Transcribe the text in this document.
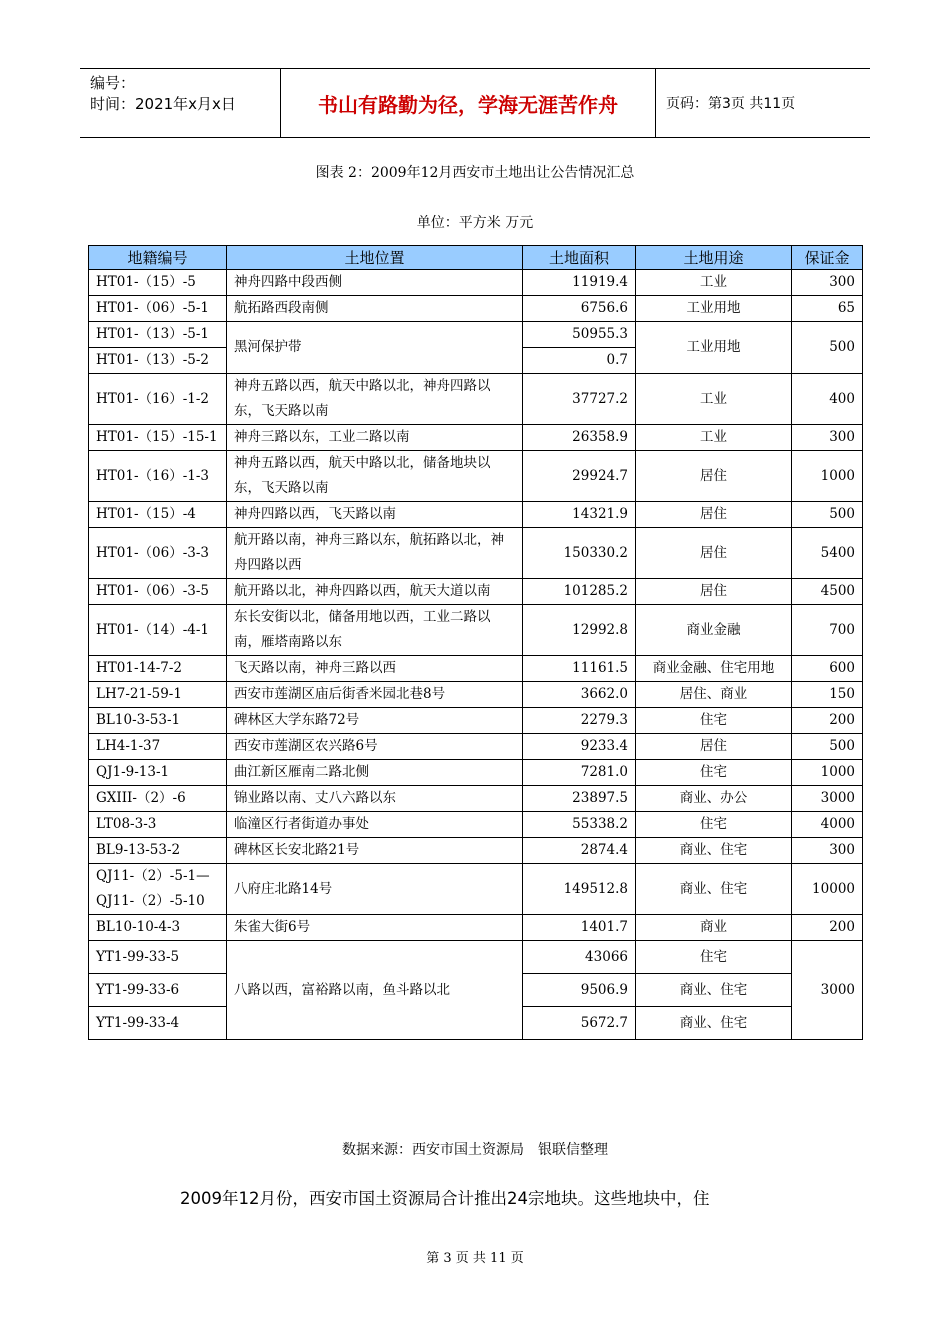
编号：
时间：2021年x月x日	书山有路勤为径，学海无涯苦作舟	页码：第3页 共11页
图表 2：2009年12月西安市土地出让公告情况汇总
单位：平方米 万元
地籍编号	土地位置	土地面积	土地用途	保证金
HT01-（15）-5	神舟四路中段西侧	11919.4	工业	300
HT01-（06）-5-1	航拓路西段南侧	6756.6	工业用地	65
HT01-（13）-5-1	黑河保护带	50955.3	工业用地	500
HT01-（13）-5-2		0.7		
HT01-（16）-1-2	神舟五路以西，航天中路以北，神舟四路以东，飞天路以南	37727.2	工业	400
HT01-（15）-15-1	神舟三路以东，工业二路以南	26358.9	工业	300
HT01-（16）-1-3	神舟五路以西，航天中路以北，储备地块以东，飞天路以南	29924.7	居住	1000
HT01-（15）-4	神舟四路以西，飞天路以南	14321.9	居住	500
HT01-（06）-3-3	航开路以南，神舟三路以东，航拓路以北，神舟四路以西	150330.2	居住	5400
HT01-（06）-3-5	航开路以北，神舟四路以西，航天大道以南	101285.2	居住	4500
HT01-（14）-4-1	东长安街以北，储备用地以西，工业二路以南，雁塔南路以东	12992.8	商业金融	700
HT01-14-7-2	飞天路以南，神舟三路以西	11161.5	商业金融、住宅用地	600
LH7-21-59-1	西安市莲湖区庙后街香米园北巷8号	3662.0	居住、商业	150
BL10-3-53-1	碑林区大学东路72号	2279.3	住宅	200
LH4-1-37	西安市莲湖区农兴路6号	9233.4	居住	500
QJ1-9-13-1	曲江新区雁南二路北侧	7281.0	住宅	1000
GXIII-（2）-6	锦业路以南、丈八六路以东	23897.5	商业、办公	3000
LT08-3-3	临潼区行者街道办事处	55338.2	住宅	4000
BL9-13-53-2	碑林区长安北路21号	2874.4	商业、住宅	300
QJ11-（2）-5-1—QJ11-（2）-5-10	八府庄北路14号	149512.8	商业、住宅	10000
BL10-10-4-3	朱雀大街6号	1401.7	商业	200
YT1-99-33-5	八路以西，富裕路以南，鱼斗路以北	43066	住宅	3000
YT1-99-33-6		9506.9	商业、住宅	
YT1-99-33-4		5672.7	商业、住宅	
数据来源：西安市国土资源局　银联信整理
2009年12月份，西安市国土资源局合计推出24宗地块。这些地块中，住
第 3 页 共 11 页
